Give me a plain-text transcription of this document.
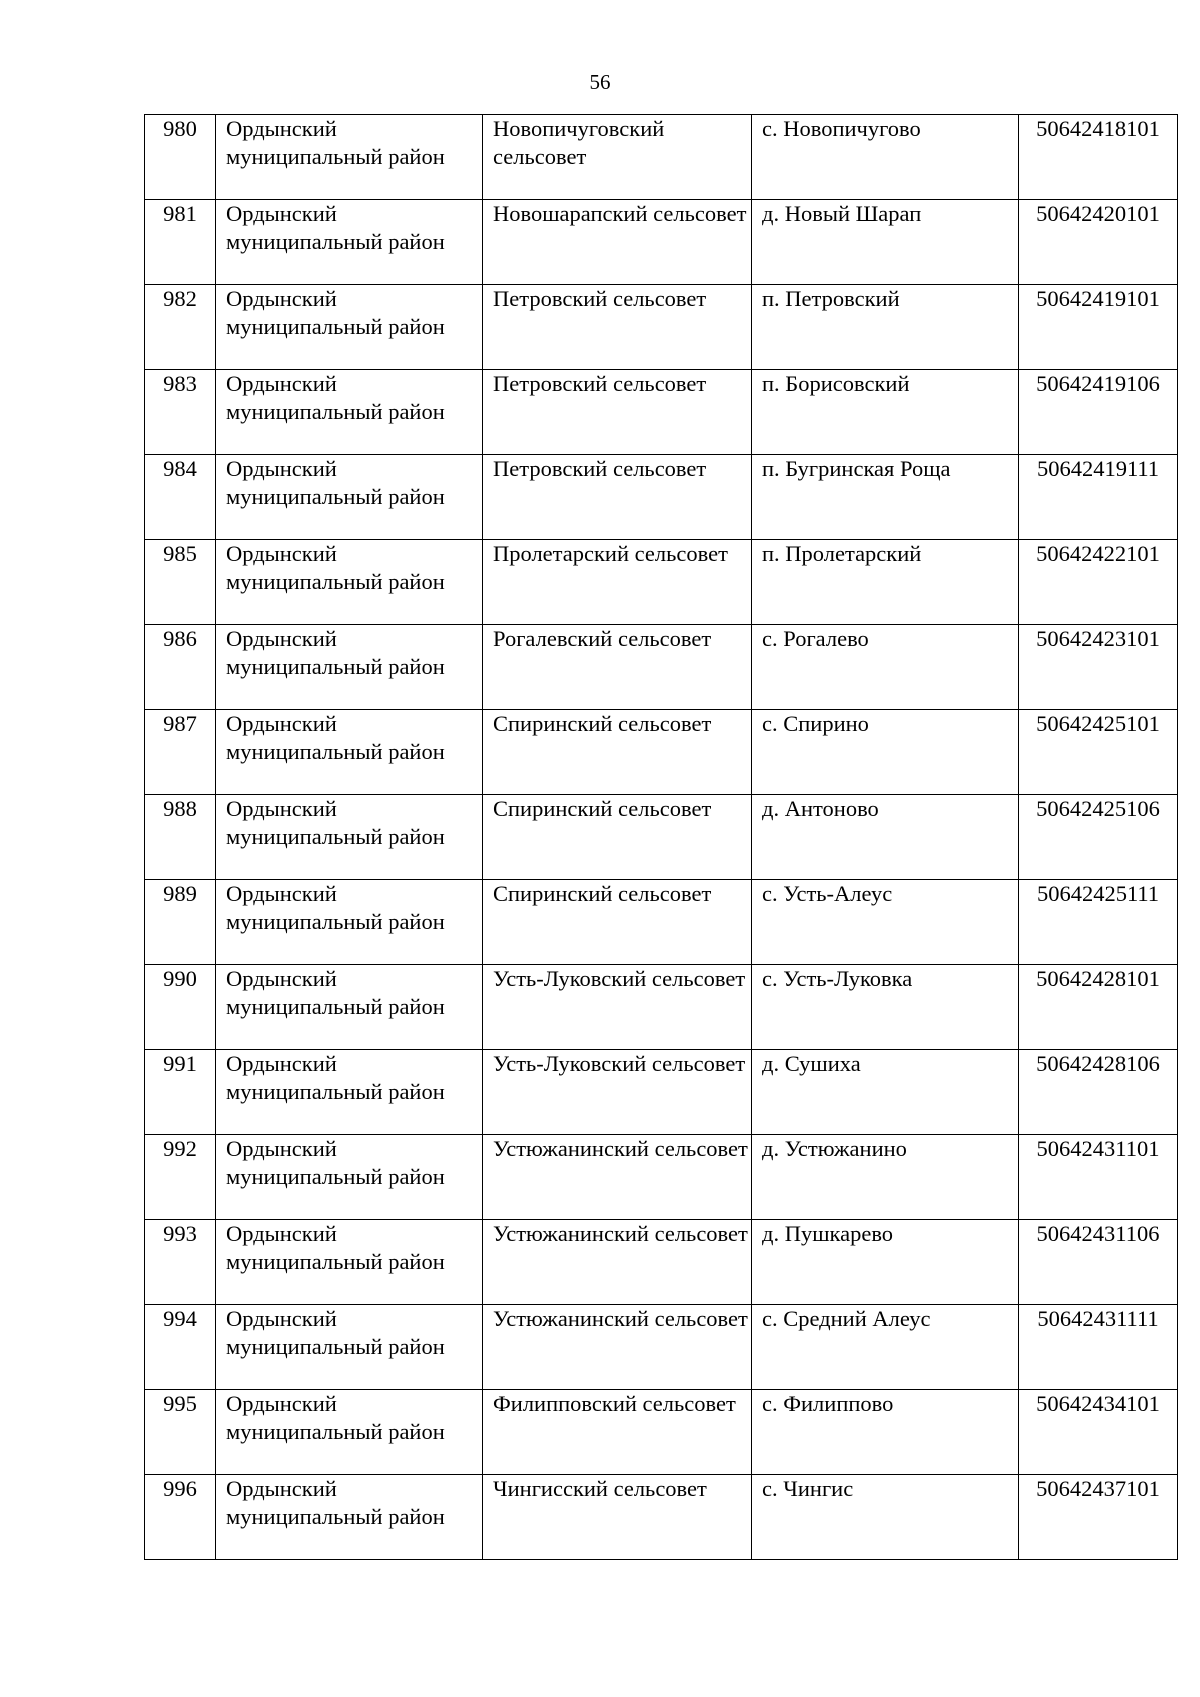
56
980	Ордынский муниципальный район	Новопичуговский сельсовет	с. Новопичугово	50642418101
981	Ордынский муниципальный район	Новошарапский сельсовет	д. Новый Шарап	50642420101
982	Ордынский муниципальный район	Петровский сельсовет	п. Петровский	50642419101
983	Ордынский муниципальный район	Петровский сельсовет	п. Борисовский	50642419106
984	Ордынский муниципальный район	Петровский сельсовет	п. Бугринская Роща	50642419111
985	Ордынский муниципальный район	Пролетарский сельсовет	п. Пролетарский	50642422101
986	Ордынский муниципальный район	Рогалевский сельсовет	с. Рогалево	50642423101
987	Ордынский муниципальный район	Спиринский сельсовет	с. Спирино	50642425101
988	Ордынский муниципальный район	Спиринский сельсовет	д. Антоново	50642425106
989	Ордынский муниципальный район	Спиринский сельсовет	с. Усть-Алеус	50642425111
990	Ордынский муниципальный район	Усть-Луковский сельсовет	с. Усть-Луковка	50642428101
991	Ордынский муниципальный район	Усть-Луковский сельсовет	д. Сушиха	50642428106
992	Ордынский муниципальный район	Устюжанинский сельсовет	д. Устюжанино	50642431101
993	Ордынский муниципальный район	Устюжанинский сельсовет	д. Пушкарево	50642431106
994	Ордынский муниципальный район	Устюжанинский сельсовет	с. Средний Алеус	50642431111
995	Ордынский муниципальный район	Филипповский сельсовет	с. Филиппово	50642434101
996	Ордынский муниципальный район	Чингисский сельсовет	с. Чингис	50642437101
